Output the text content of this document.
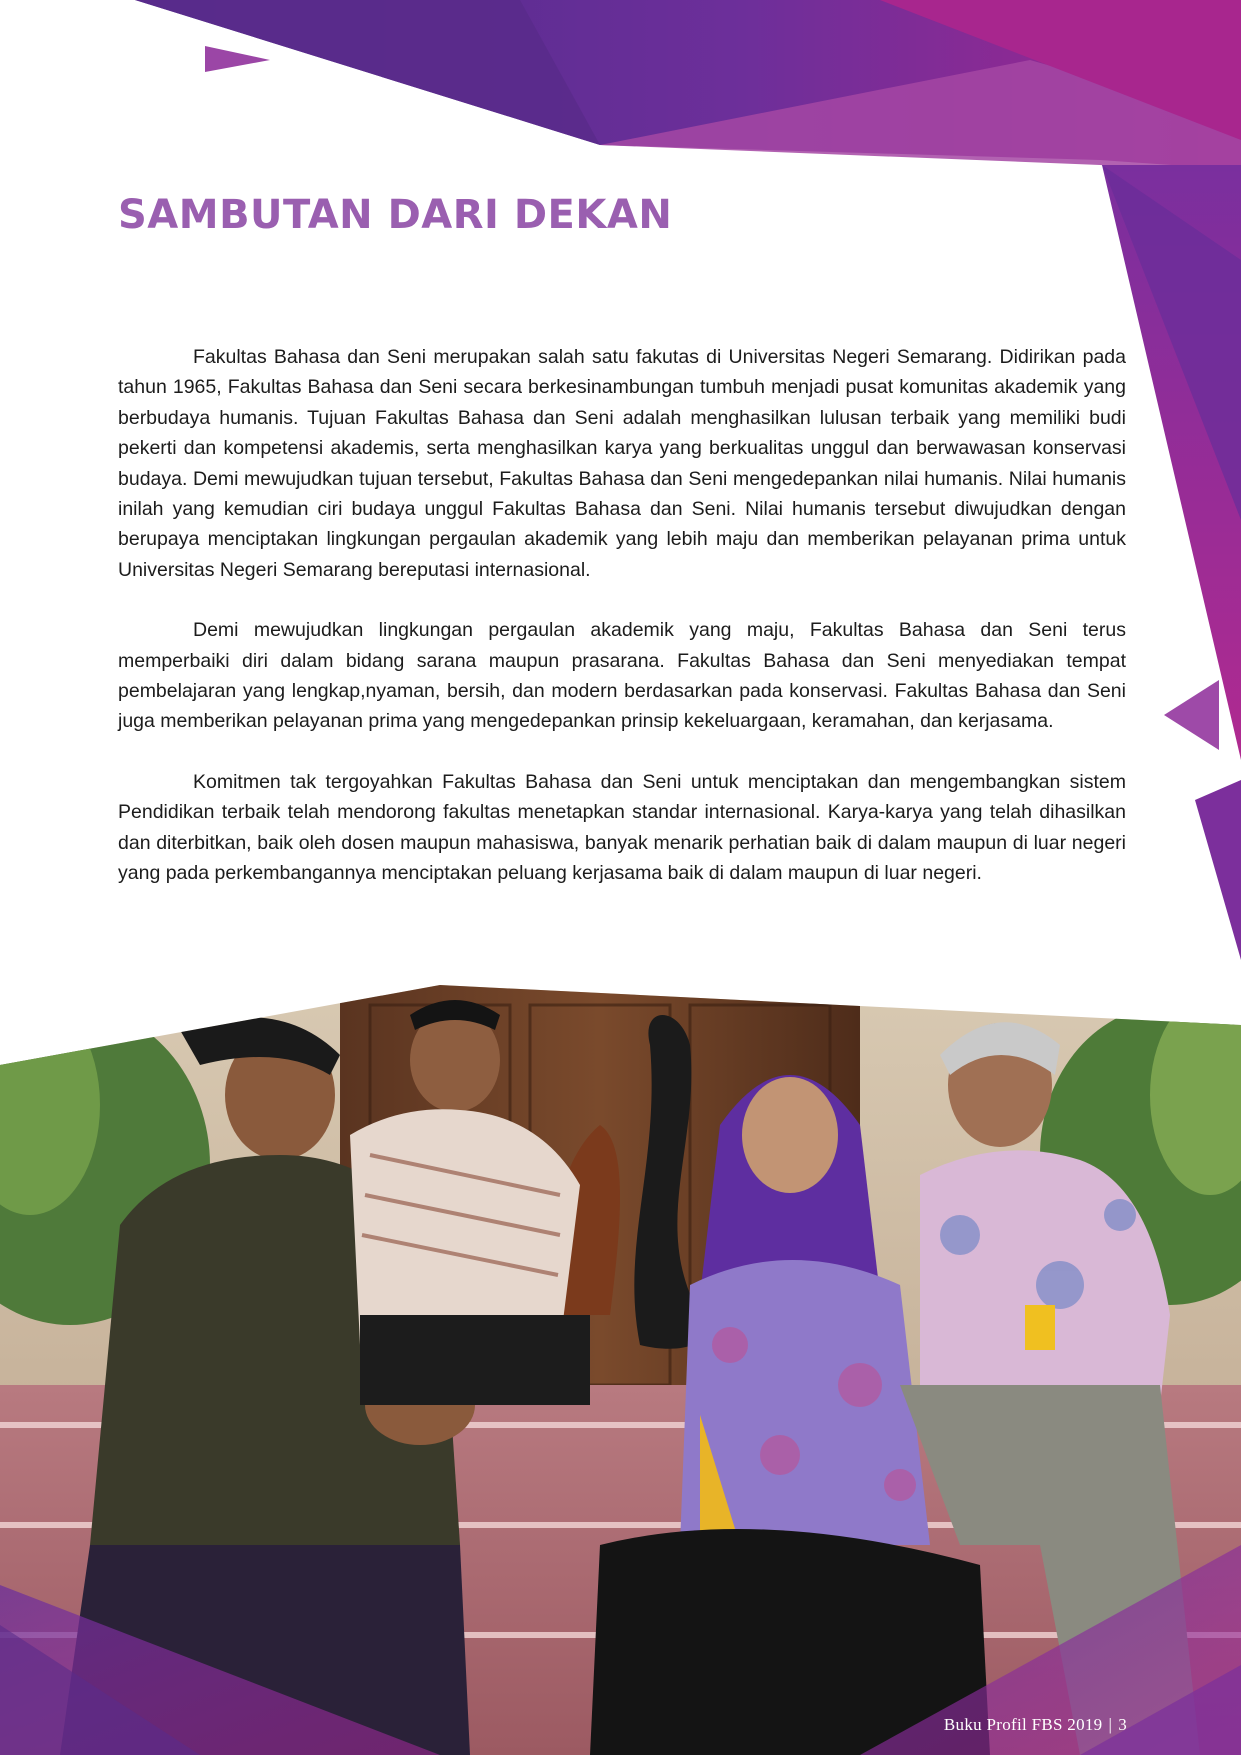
SAMBUTAN DARI DEKAN

Fakultas Bahasa dan Seni merupakan salah satu fakutas di Universitas Negeri Semarang. Didirikan pada tahun 1965, Fakultas Bahasa dan Seni secara berkesinambungan tumbuh menjadi pusat komunitas akademik yang berbudaya humanis. Tujuan Fakultas Bahasa dan Seni adalah menghasilkan lulusan terbaik yang memiliki budi pekerti dan kompetensi akademis, serta menghasilkan karya yang berkualitas unggul dan berwawasan konservasi budaya. Demi mewujudkan tujuan tersebut, Fakultas Bahasa dan Seni mengedepankan nilai humanis. Nilai humanis inilah yang kemudian ciri budaya unggul Fakultas Bahasa dan Seni. Nilai humanis tersebut diwujudkan dengan berupaya menciptakan lingkungan pergaulan akademik yang lebih maju dan memberikan pelayanan prima untuk Universitas Negeri Semarang bereputasi internasional.

Demi mewujudkan lingkungan pergaulan akademik yang maju, Fakultas Bahasa dan Seni terus memperbaiki diri dalam bidang sarana maupun prasarana. Fakultas Bahasa dan Seni menyediakan tempat pembelajaran yang lengkap,nyaman, bersih, dan modern berdasarkan pada konservasi. Fakultas Bahasa dan Seni juga memberikan pelayanan prima yang mengedepankan prinsip kekeluargaan, keramahan, dan kerjasama.

Komitmen tak tergoyahkan Fakultas Bahasa dan Seni untuk menciptakan dan mengembangkan sistem Pendidikan terbaik telah mendorong fakultas menetapkan standar internasional. Karya-karya yang telah dihasilkan dan diterbitkan, baik oleh dosen maupun mahasiswa, banyak menarik perhatian baik di dalam maupun di luar negeri yang pada perkembangannya menciptakan peluang kerjasama baik di dalam maupun di luar negeri.

Buku Profil FBS 2019 | 3
